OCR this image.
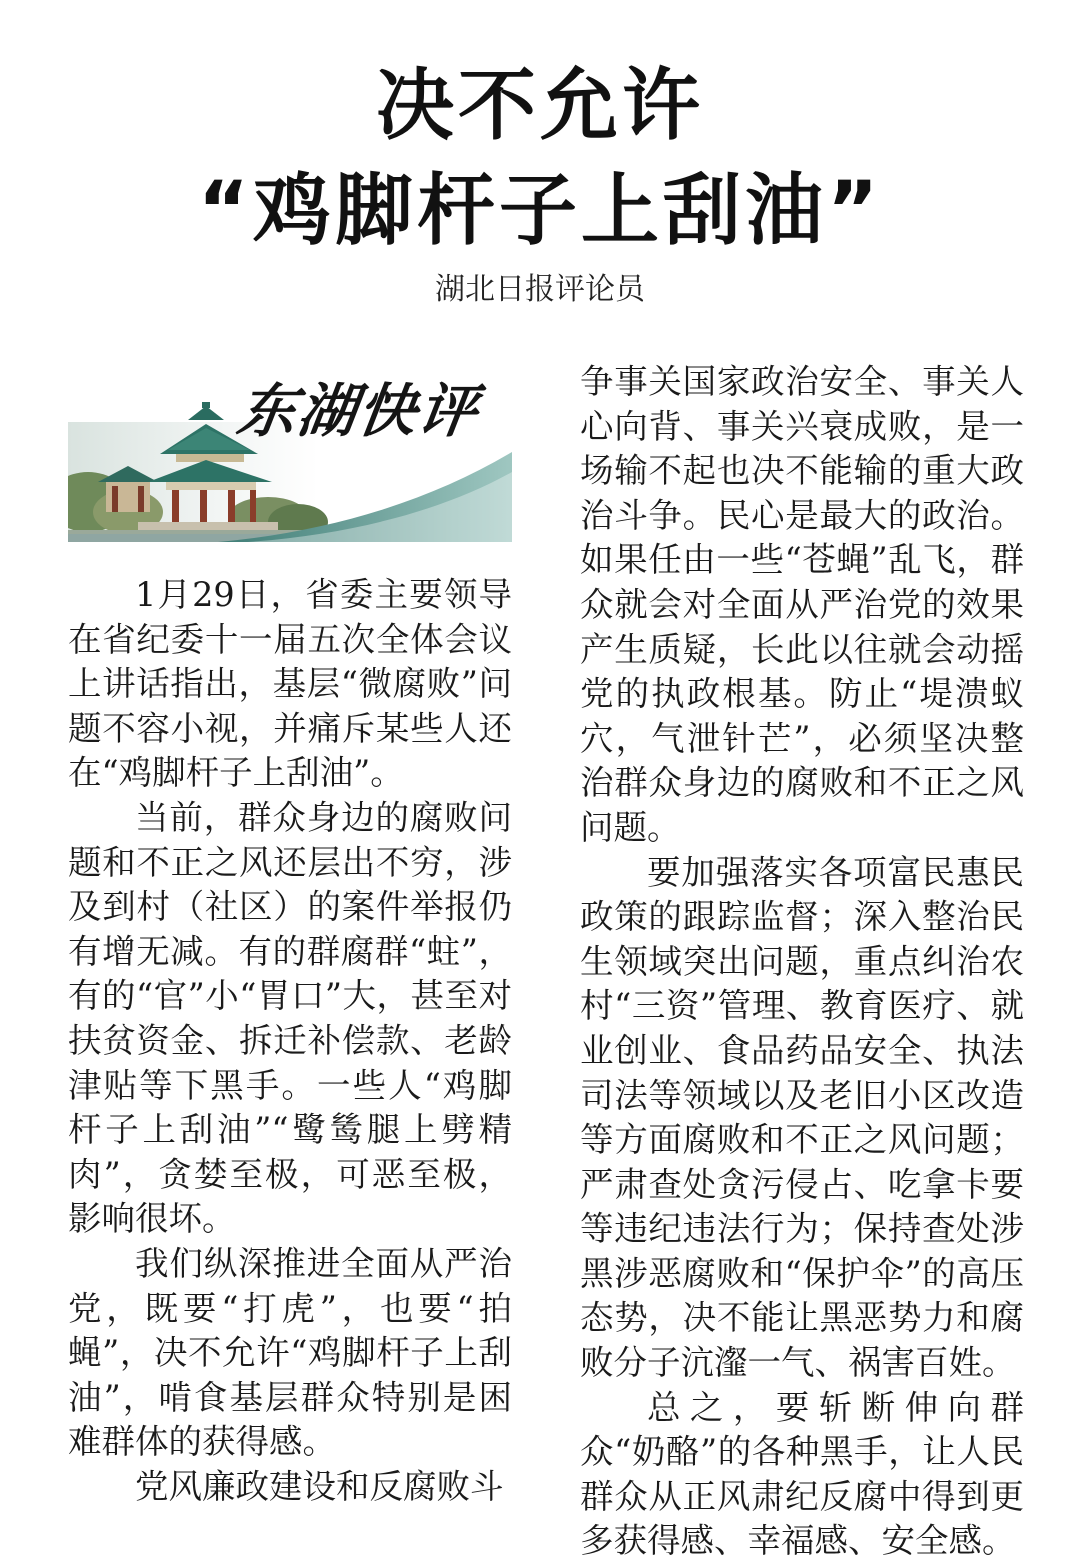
决不允许
“鸡脚杆子上刮油”
湖北日报评论员
东湖快评

1月29日，省委主要领导在省纪委十一届五次全体会议上讲话指出，基层“微腐败”问题不容小视，并痛斥某些人还在“鸡脚杆子上刮油”。

当前，群众身边的腐败问题和不正之风还层出不穷，涉及到村（社区）的案件举报仍有增无减。有的群腐群“蛀”，有的“官”小“胃口”大，甚至对扶贫资金、拆迁补偿款、老龄津贴等下黑手。一些人“鸡脚杆子上刮油”“鹭鸶腿上劈精肉”，贪婪至极，可恶至极，影响很坏。

我们纵深推进全面从严治党，既要“打虎”，也要“拍蝇”，决不允许“鸡脚杆子上刮油”，啃食基层群众特别是困难群体的获得感。

党风廉政建设和反腐败斗

争事关国家政治安全、事关人心向背、事关兴衰成败，是一场输不起也决不能输的重大政治斗争。民心是最大的政治。如果任由一些“苍蝇”乱飞，群众就会对全面从严治党的效果产生质疑，长此以往就会动摇党的执政根基。防止“堤溃蚁穴，气泄针芒”，必须坚决整治群众身边的腐败和不正之风问题。

要加强落实各项富民惠民政策的跟踪监督；深入整治民生领域突出问题，重点纠治农村“三资”管理、教育医疗、就业创业、食品药品安全、执法司法等领域以及老旧小区改造等方面腐败和不正之风问题；严肃查处贪污侵占、吃拿卡要等违纪违法行为；保持查处涉黑涉恶腐败和“保护伞”的高压态势，决不能让黑恶势力和腐败分子沆瀣一气、祸害百姓。

总之，要斩断伸向群众“奶酪”的各种黑手，让人民群众从正风肃纪反腐中得到更多获得感、幸福感、安全感。
